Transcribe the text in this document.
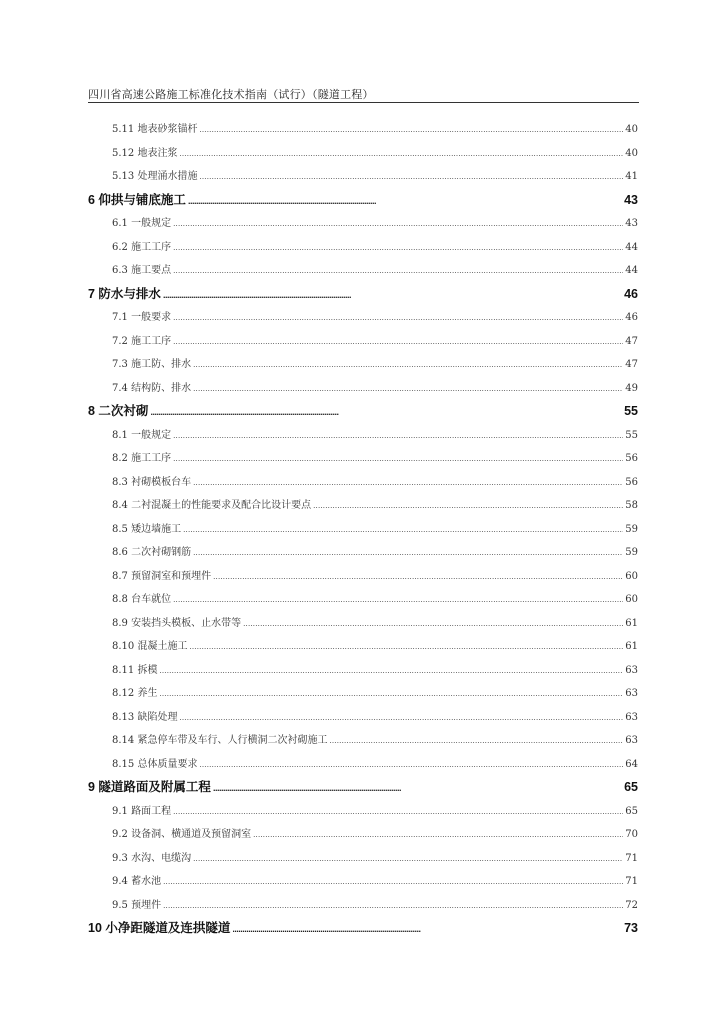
四川省高速公路施工标准化技术指南（试行）（隧道工程）
5.11 地表砂浆锚杆 .....	40
5.12 地表注浆 .....	40
5.13 处理涌水措施 .....	41
6 仰拱与铺底施工 . .	43
6.1 一般规定 .....	43
6.2 施工工序 .....	44
6.3 施工要点 .....	44
7 防水与排水 . .	46
7.1 一般要求 .....	46
7.2 施工工序 .....	47
7.3 施工防、排水 .....	47
7.4 结构防、排水 .....	49
8 二次衬砌 . .	55
8.1 一般规定 .....	55
8.2 施工工序 .....	56
8.3 衬砌模板台车 .....	56
8.4 二衬混凝土的性能要求及配合比设计要点 .....	58
8.5 矮边墙施工 .....	59
8.6 二次衬砌钢筋 .....	59
8.7 预留洞室和预埋件 .....	60
8.8 台车就位 .....	60
8.9 安装挡头模板、止水带等 .....	61
8.10 混凝土施工 .....	61
8.11 拆模 .....	63
8.12 养生 .....	63
8.13 缺陷处理 .....	63
8.14 紧急停车带及车行、人行横洞二次衬砌施工 .....	63
8.15 总体质量要求 .....	64
9 隧道路面及附属工程 . .	65
9.1 路面工程 .....	65
9.2 设备洞、横通道及预留洞室 .....	70
9.3 水沟、电缆沟 .....	71
9.4 蓄水池 .....	71
9.5 预埋件 .....	72
10 小净距隧道及连拱隧道 . .	73
